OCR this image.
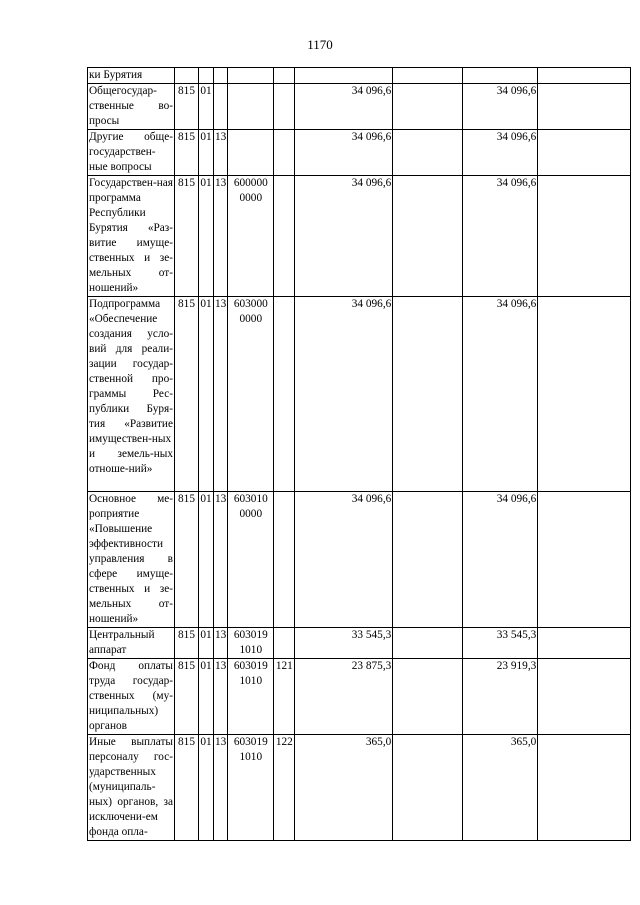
1170
ки Бурятия									
Общегосудар-ственные во-просы	815	01				34 096,6		34 096,6	
Другие обще-государствен-ные вопросы	815	01	13			34 096,6		34 096,6	
Государствен-ная программа Республики Бурятия «Раз-витие имуще-ственных и зе-мельных от-ношений»	815	01	13	600000 0000		34 096,6		34 096,6	
Подпрограмма «Обеспечение создания усло-вий для реали-зации государ-ственной про-граммы Рес-публики Буря-тия «Развитие имуществен-ных и земель-ных отноше-ний»	815	01	13	603000 0000		34 096,6		34 096,6	
Основное ме-роприятие «Повышение эффективности управления в сфере имуще-ственных и зе-мельных от-ношений»	815	01	13	603010 0000		34 096,6		34 096,6	
Центральный аппарат	815	01	13	603019 1010		33 545,3		33 545,3	
Фонд оплаты труда государ-ственных (му-ниципальных) органов	815	01	13	603019 1010	121	23 875,3		23 919,3	
Иные выплаты персоналу гос-ударственных (муниципаль-ных) органов, за исключени-ем фонда опла-	815	01	13	603019 1010	122	365,0		365,0	
